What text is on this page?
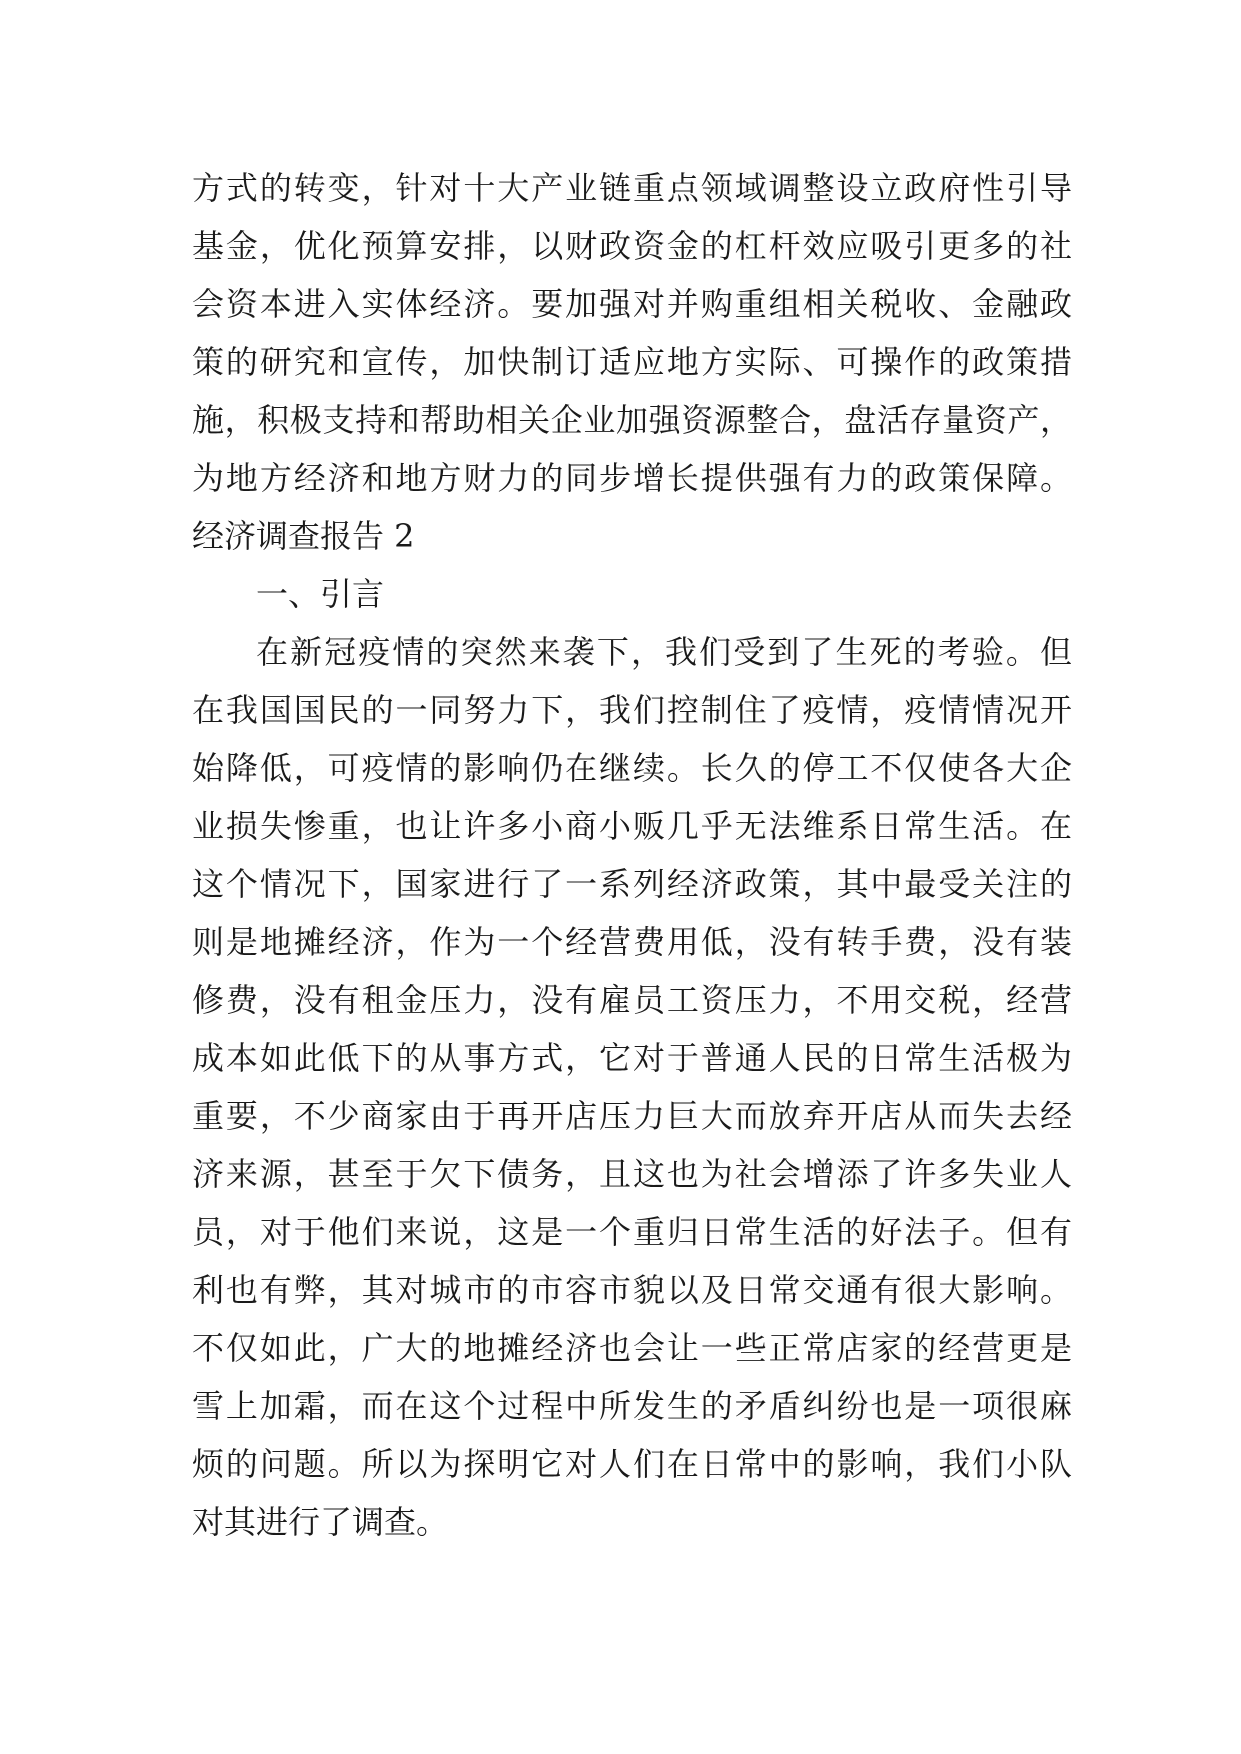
方式的转变，针对十大产业链重点领域调整设立政府性引导
基金，优化预算安排，以财政资金的杠杆效应吸引更多的社
会资本进入实体经济。要加强对并购重组相关税收、金融政
策的研究和宣传，加快制订适应地方实际、可操作的政策措
施，积极支持和帮助相关企业加强资源整合，盘活存量资产，
为地方经济和地方财力的同步增长提供强有力的政策保障。
经济调查报告 2
一、引言
在新冠疫情的突然来袭下，我们受到了生死的考验。但
在我国国民的一同努力下，我们控制住了疫情，疫情情况开
始降低，可疫情的影响仍在继续。长久的停工不仅使各大企
业损失惨重，也让许多小商小贩几乎无法维系日常生活。在
这个情况下，国家进行了一系列经济政策，其中最受关注的
则是地摊经济，作为一个经营费用低，没有转手费，没有装
修费，没有租金压力，没有雇员工资压力，不用交税，经营
成本如此低下的从事方式，它对于普通人民的日常生活极为
重要，不少商家由于再开店压力巨大而放弃开店从而失去经
济来源，甚至于欠下债务，且这也为社会增添了许多失业人
员，对于他们来说，这是一个重归日常生活的好法子。但有
利也有弊，其对城市的市容市貌以及日常交通有很大影响。
不仅如此，广大的地摊经济也会让一些正常店家的经营更是
雪上加霜，而在这个过程中所发生的矛盾纠纷也是一项很麻
烦的问题。所以为探明它对人们在日常中的影响，我们小队
对其进行了调查。
